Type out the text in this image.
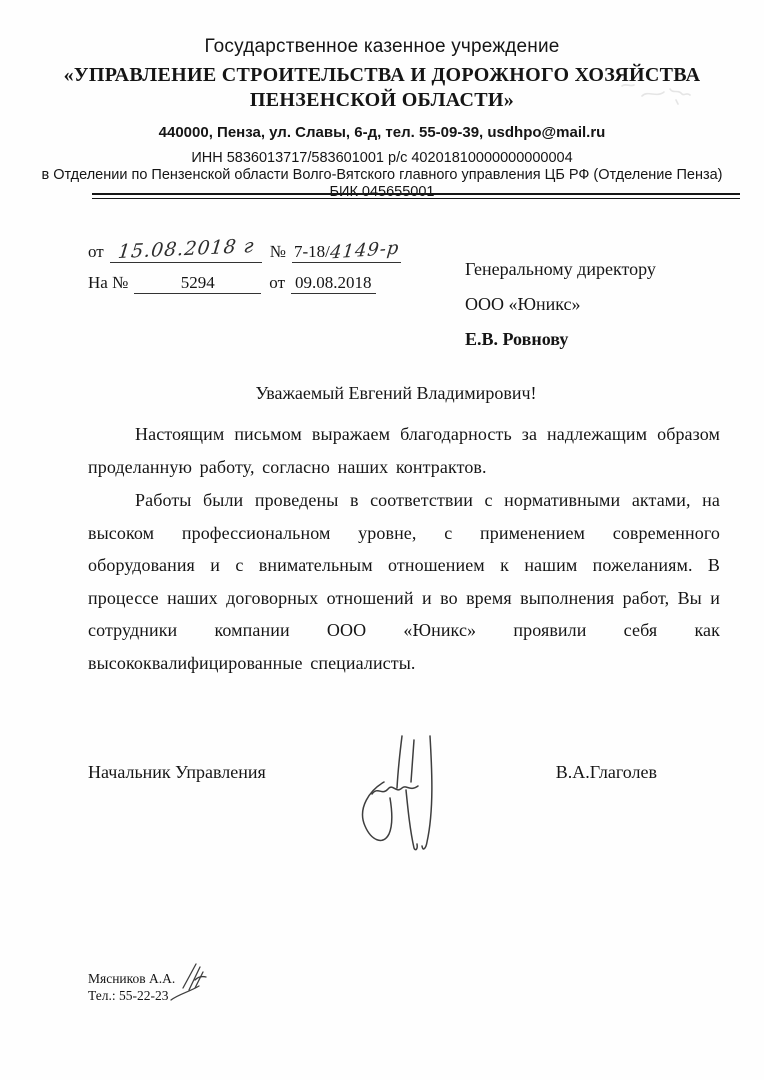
Государственное казенное учреждение
«УПРАВЛЕНИЕ СТРОИТЕЛЬСТВА И ДОРОЖНОГО ХОЗЯЙСТВА
ПЕНЗЕНСКОЙ ОБЛАСТИ»
440000, Пенза, ул. Славы, 6-д, тел. 55-09-39, usdhpo@mail.ru
ИНН 5836013717/583601001 р/с 40201810000000000004
в Отделении по Пензенской области Волго-Вятского главного управления ЦБ РФ (Отделение Пенза)
БИК 045655001
от 15.08.2018 г № 7-18/4149-р
На №	5294	от 09.08.2018
Генеральному директору
ООО «Юникс»
Е.В. Ровнову
Уважаемый Евгений Владимирович!

Настоящим письмом выражаем благодарность за надлежащим образом проделанную работу, согласно наших контрактов.

Работы были проведены в соответствии с нормативными актами, на высоком профессиональном уровне, с применением современного оборудования и с внимательным отношением к нашим пожеланиям. В процессе наших договорных отношений и во время выполнения работ, Вы и сотрудники компании ООО «Юникс» проявили себя как высококвалифицированные специалисты.

Начальник Управления	В.А.Глаголев
Мясников А.А.
Тел.: 55-22-23
